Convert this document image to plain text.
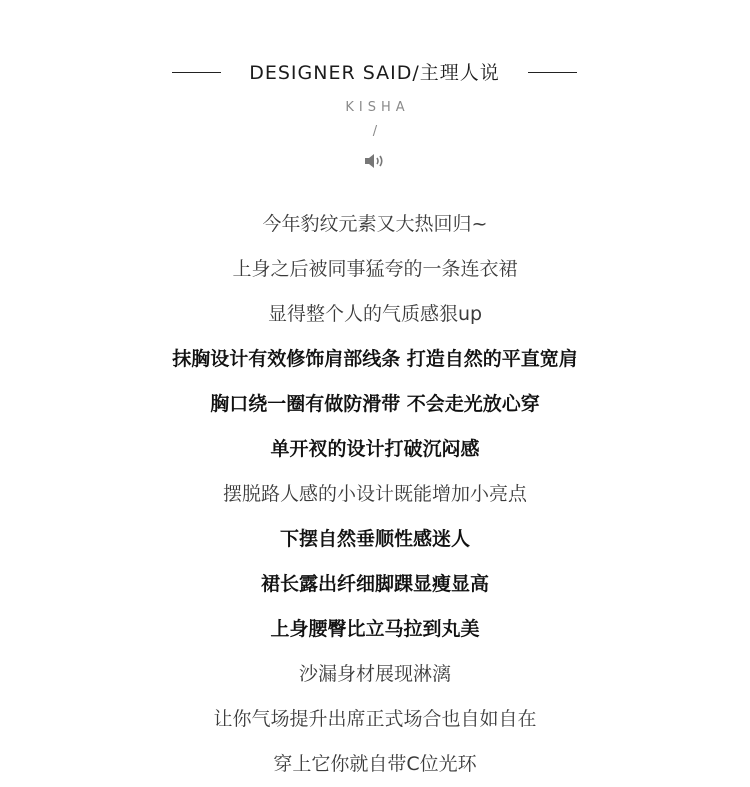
DESIGNER SAID/主理人说
KISHA
/
今年豹纹元素又大热回归~
上身之后被同事猛夸的一条连衣裙
显得整个人的气质感狠up
抹胸设计有效修饰肩部线条 打造自然的平直宽肩
胸口绕一圈有做防滑带 不会走光放心穿
单开衩的设计打破沉闷感
摆脱路人感的小设计既能增加小亮点
下摆自然垂顺性感迷人
裙长露出纤细脚踝显瘦显高
上身腰臀比立马拉到丸美
沙漏身材展现淋漓
让你气场提升出席正式场合也自如自在
穿上它你就自带C位光环
